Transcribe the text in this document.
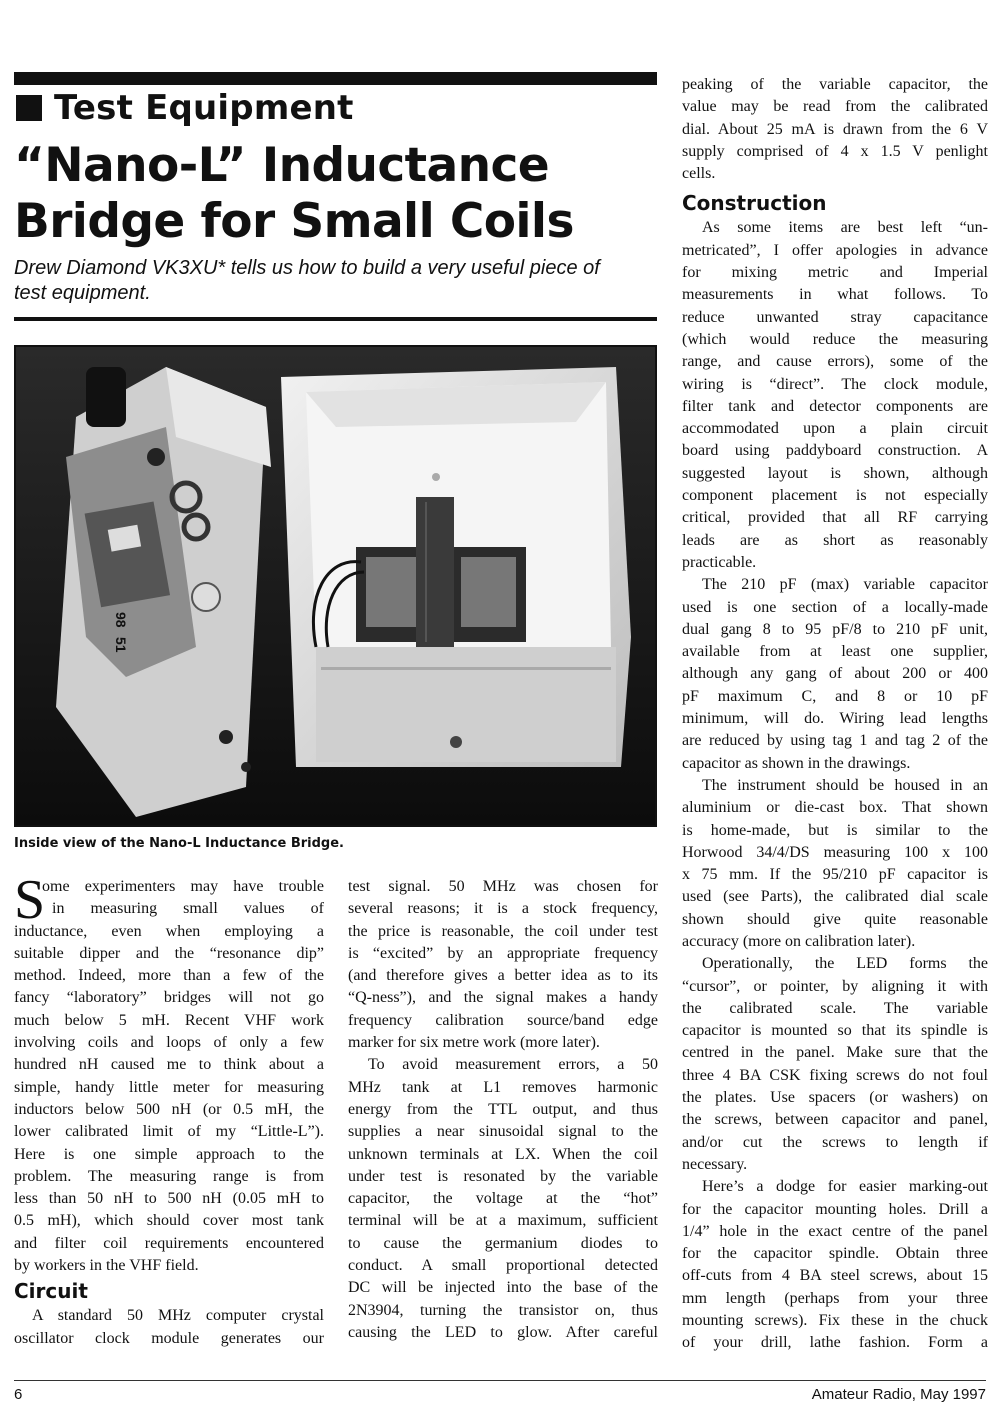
Test Equipment
“Nano-L” Inductance
Bridge for Small Coils
Drew Diamond VK3XU* tells us how to build a very useful piece of
test equipment.
98
51
Inside view of the Nano-L Inductance Bridge.
S
ome experimenters may have trouble
in measuring small values of
inductance, even when employing a
suitable dipper and the “resonance dip”
method. Indeed, more than a few of the
fancy “laboratory” bridges will not go
much below 5 mH. Recent VHF work
involving coils and loops of only a few
hundred nH caused me to think about a
simple, handy little meter for measuring
inductors below 500 nH (or 0.5 mH, the
lower calibrated limit of my “Little-L”).
Here is one simple approach to the
problem. The measuring range is from
less than 50 nH to 500 nH (0.05 mH to
0.5 mH), which should cover most tank
and filter coil requirements encountered
by workers in the VHF field.
Circuit
A standard 50 MHz computer crystal
oscillator clock module generates our
test signal. 50 MHz was chosen for
several reasons; it is a stock frequency,
the price is reasonable, the coil under test
is “excited” by an appropriate frequency
(and therefore gives a better idea as to its
“Q-ness”), and the signal makes a handy
frequency calibration source/band edge
marker for six metre work (more later).
To avoid measurement errors, a 50
MHz tank at L1 removes harmonic
energy from the TTL output, and thus
supplies a near sinusoidal signal to the
unknown terminals at LX. When the coil
under test is resonated by the variable
capacitor, the voltage at the “hot”
terminal will be at a maximum, sufficient
to cause the germanium diodes to
conduct. A small proportional detected
DC will be injected into the base of the
2N3904, turning the transistor on, thus
causing the LED to glow. After careful
peaking of the variable capacitor, the
value may be read from the calibrated
dial. About 25 mA is drawn from the 6 V
supply comprised of 4 x 1.5 V penlight
cells.
Construction
As some items are best left “un-
metricated”, I offer apologies in advance
for mixing metric and Imperial
measurements in what follows. To
reduce unwanted stray capacitance
(which would reduce the measuring
range, and cause errors), some of the
wiring is “direct”. The clock module,
filter tank and detector components are
accommodated upon a plain circuit
board using paddyboard construction. A
suggested layout is shown, although
component placement is not especially
critical, provided that all RF carrying
leads are as short as reasonably
practicable.
The 210 pF (max) variable capacitor
used is one section of a locally-made
dual gang 8 to 95 pF/8 to 210 pF unit,
available from at least one supplier,
although any gang of about 200 or 400
pF maximum C, and 8 or 10 pF
minimum, will do. Wiring lead lengths
are reduced by using tag 1 and tag 2 of the
capacitor as shown in the drawings.
The instrument should be housed in an
aluminium or die-cast box. That shown
is home-made, but is similar to the
Horwood 34/4/DS measuring 100 x 100
x 75 mm. If the 95/210 pF capacitor is
used (see Parts), the calibrated dial scale
shown should give quite reasonable
accuracy (more on calibration later).
Operationally, the LED forms the
“cursor”, or pointer, by aligning it with
the calibrated scale. The variable
capacitor is mounted so that its spindle is
centred in the panel. Make sure that the
three 4 BA CSK fixing screws do not foul
the plates. Use spacers (or washers) on
the screws, between capacitor and panel,
and/or cut the screws to length if
necessary.
Here’s a dodge for easier marking-out
for the capacitor mounting holes. Drill a
1/4” hole in the exact centre of the panel
for the capacitor spindle. Obtain three
off-cuts from 4 BA steel screws, about 15
mm length (perhaps from your three
mounting screws). Fix these in the chuck
of your drill, lathe fashion. Form a
6	Amateur Radio, May 1997
